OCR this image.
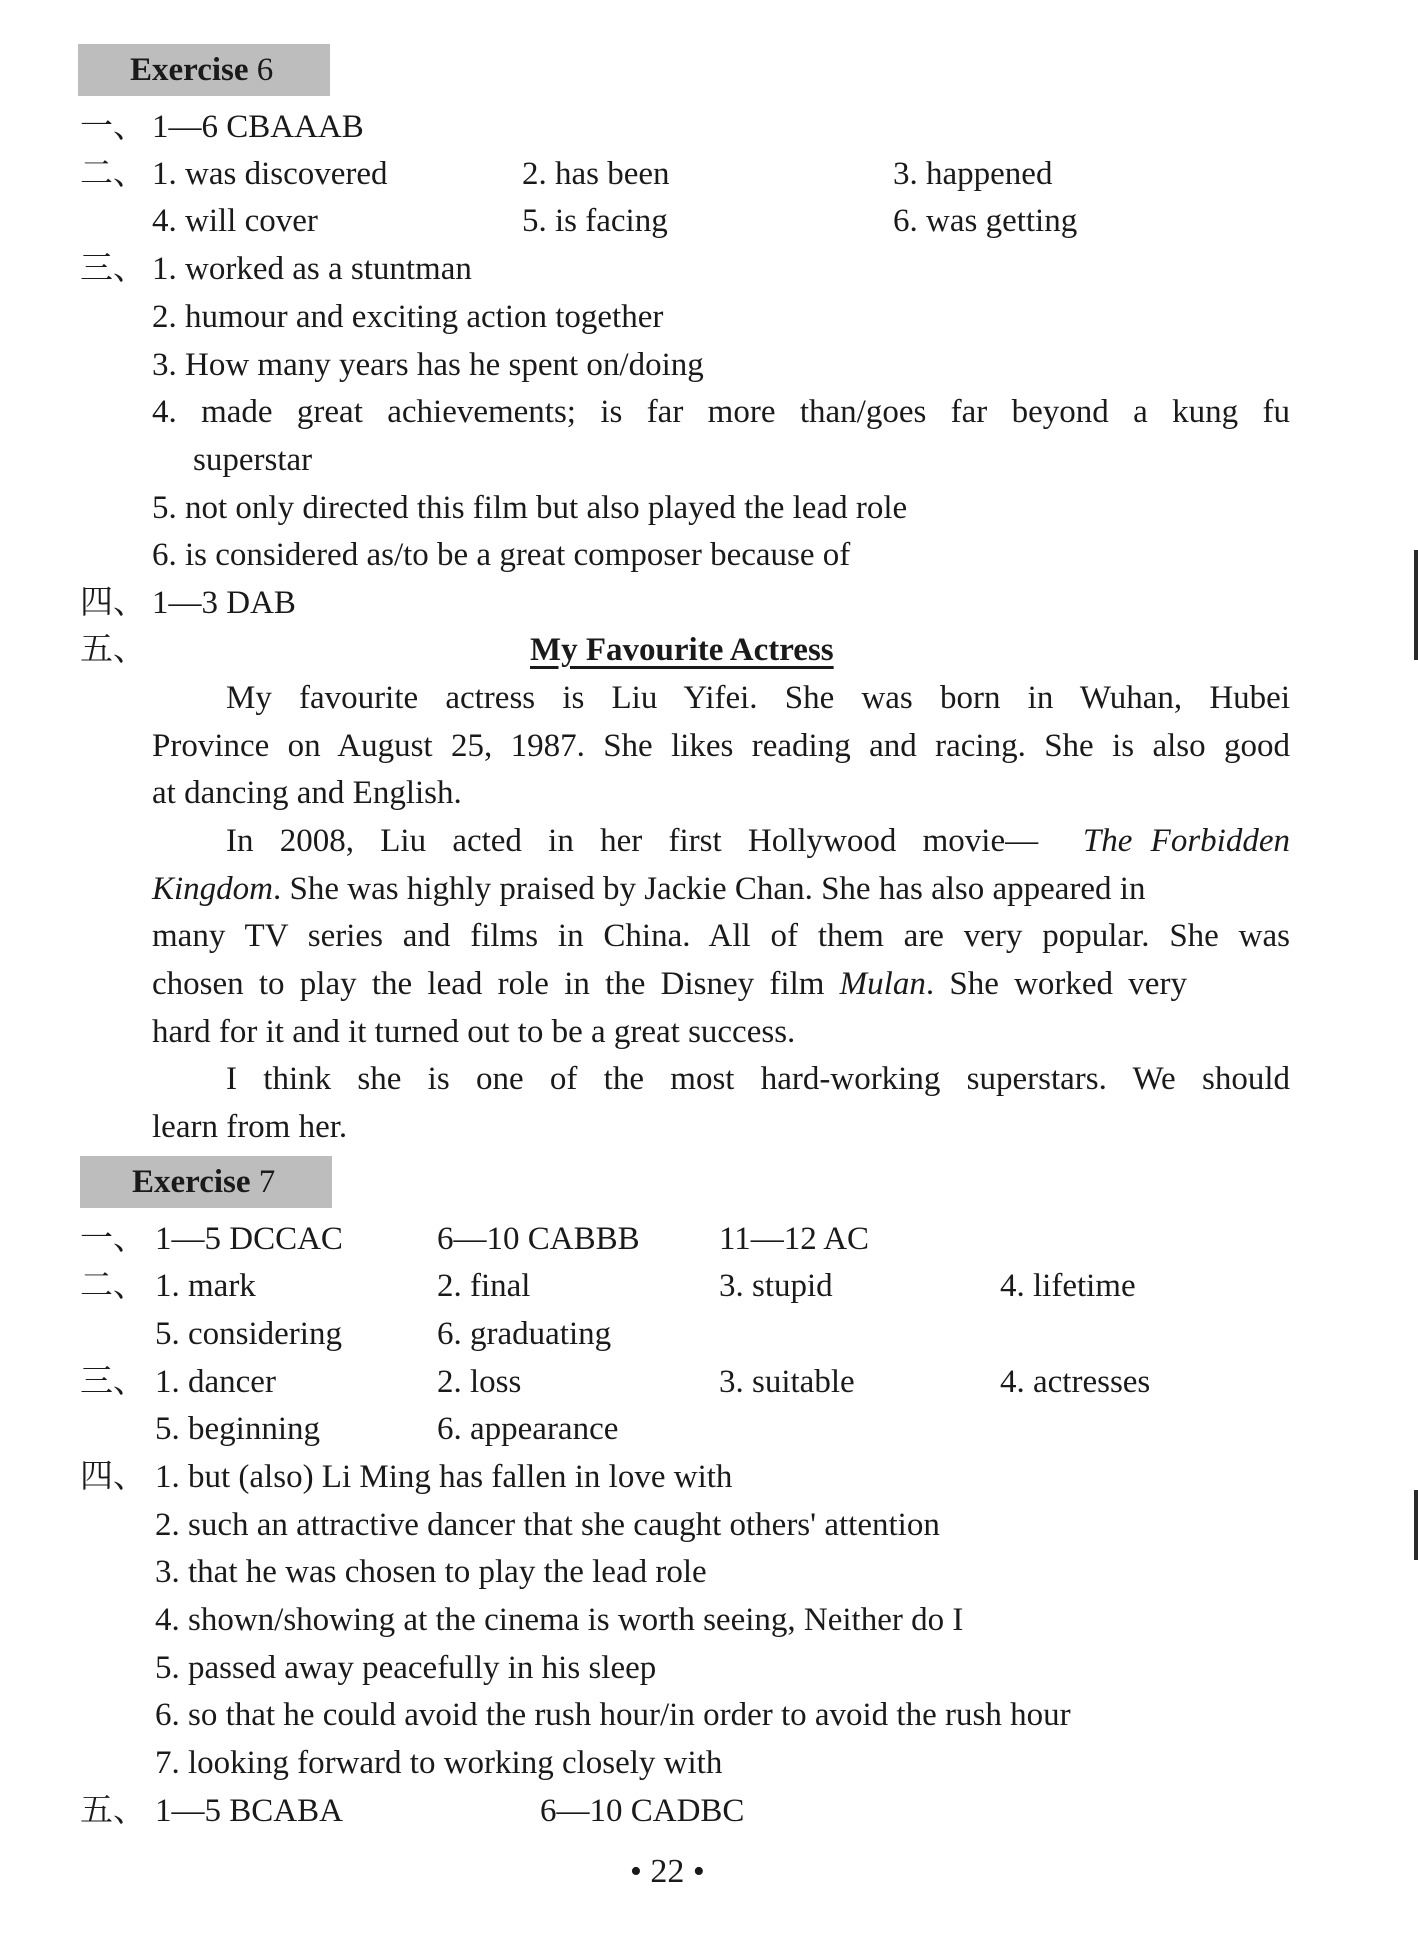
Exercise 6
一、 1—6 CBAAAB
二、 1. was discovered	2. has been	3. happened
4. will cover	5. is facing	6. was getting
三、 1. worked as a stuntman
2. humour and exciting action together
3. How many years has he spent on/doing
4. made great achievements; is far more than/goes far beyond a kung fu
superstar
5. not only directed this film but also played the lead role
6. is considered as/to be a great composer because of
四、 1—3 DAB
五、	My Favourite Actress
My favourite actress is Liu Yifei. She was born in Wuhan, Hubei
Province on August 25, 1987. She likes reading and racing. She is also good
at dancing and English.
In 2008, Liu acted in her first Hollywood movie— The Forbidden
Kingdom . She was highly praised by Jackie Chan. She has also appeared in
many TV series and films in China. All of them are very popular. She was
chosen to play the lead role in the Disney film Mulan . She worked very
hard for it and it turned out to be a great success.
I think she is one of the most hard-working superstars. We should
learn from her.
Exercise 7
一、 1—5 DCCAC	6—10 CABBB 11—12 AC
二、 1. mark	2. final	3. stupid	4. lifetime
5. considering	6. graduating
三、 1. dancer	2. loss	3. suitable	4. actresses
5. beginning	6. appearance
四、 1. but (also) Li Ming has fallen in love with
2. such an attractive dancer that she caught others' attention
3. that he was chosen to play the lead role
4. shown/showing at the cinema is worth seeing, Neither do I
5. passed away peacefully in his sleep
6. so that he could avoid the rush hour/in order to avoid the rush hour
7. looking forward to working closely with
五、 1—5 BCABA	6—10 CADBC
• 22 •
